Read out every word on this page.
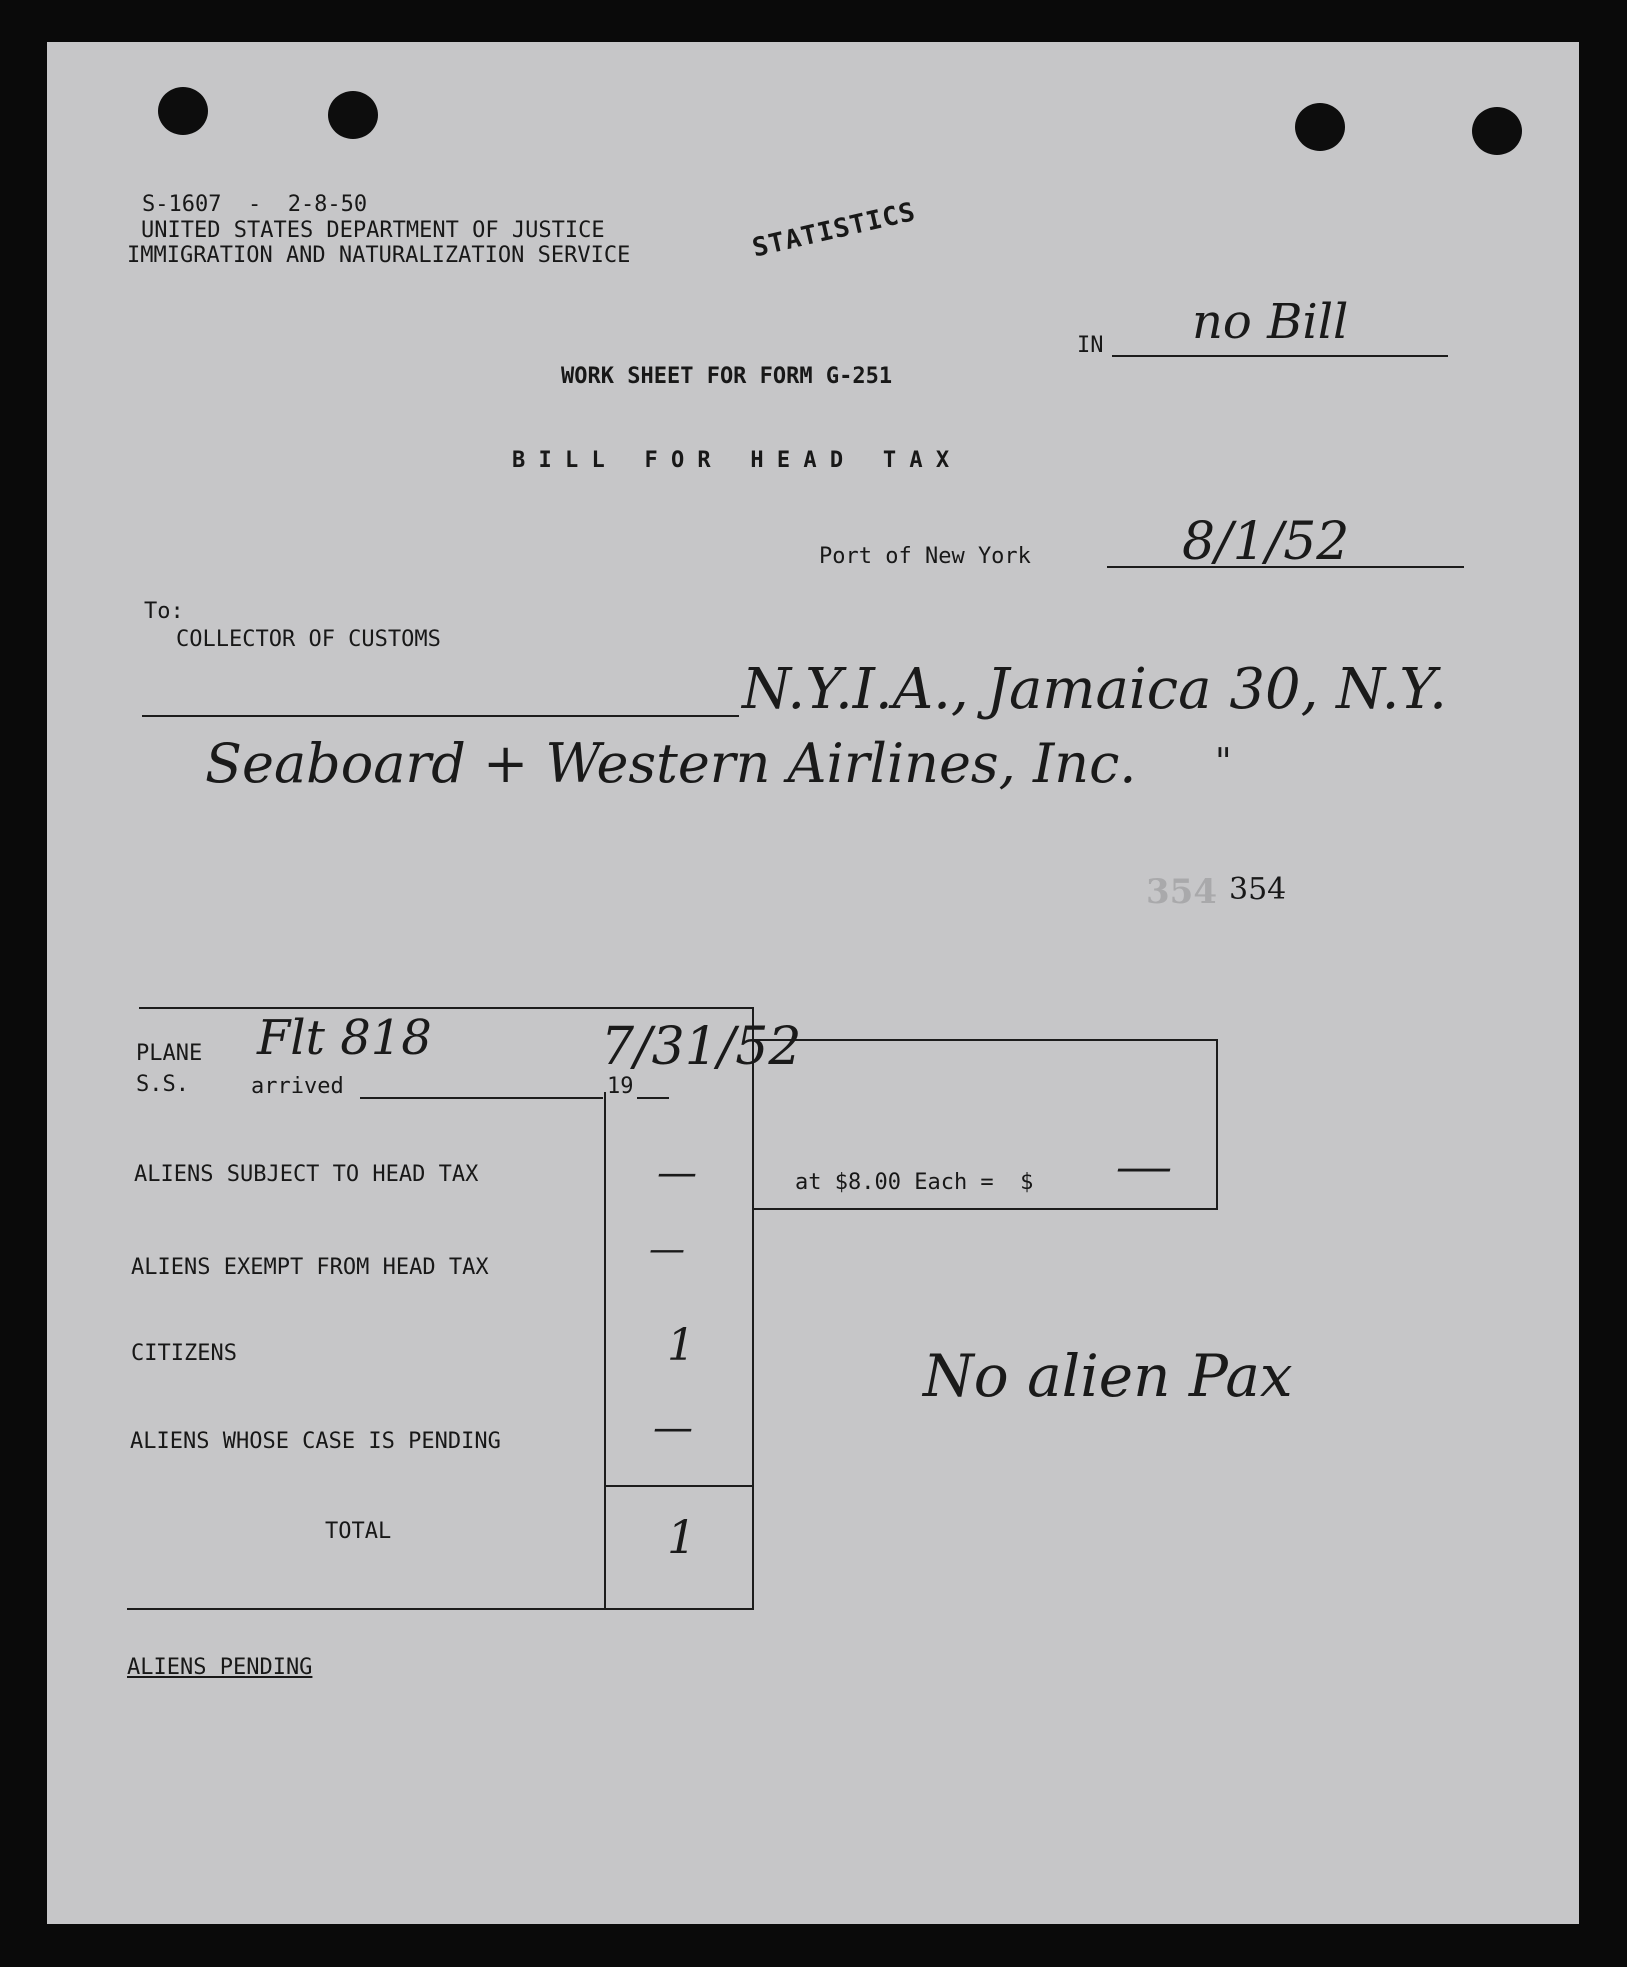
S-1607  -  2-8-50
UNITED STATES DEPARTMENT OF JUSTICE
IMMIGRATION AND NATURALIZATION SERVICE	STATISTICS
IN no Bill
WORK SHEET FOR FORM G-251
B I L L   F O R   H E A D   T A X
Port of New York	8/1/52
To:
COLLECTOR OF CUSTOMS
N.Y.I.A., Jamaica 30, N.Y.
Seaboard + Western Airlines, Inc. "
354 354
PLANE
S.S.
Flt 818
arrived
7/31/52
19
ALIENS SUBJECT TO HEAD TAX	—
ALIENS EXEMPT FROM HEAD TAX	—
CITIZENS	1
ALIENS WHOSE CASE IS PENDING	—
TOTAL	1
at $8.00 Each =  $ —
No alien Pax
ALIENS PENDING
